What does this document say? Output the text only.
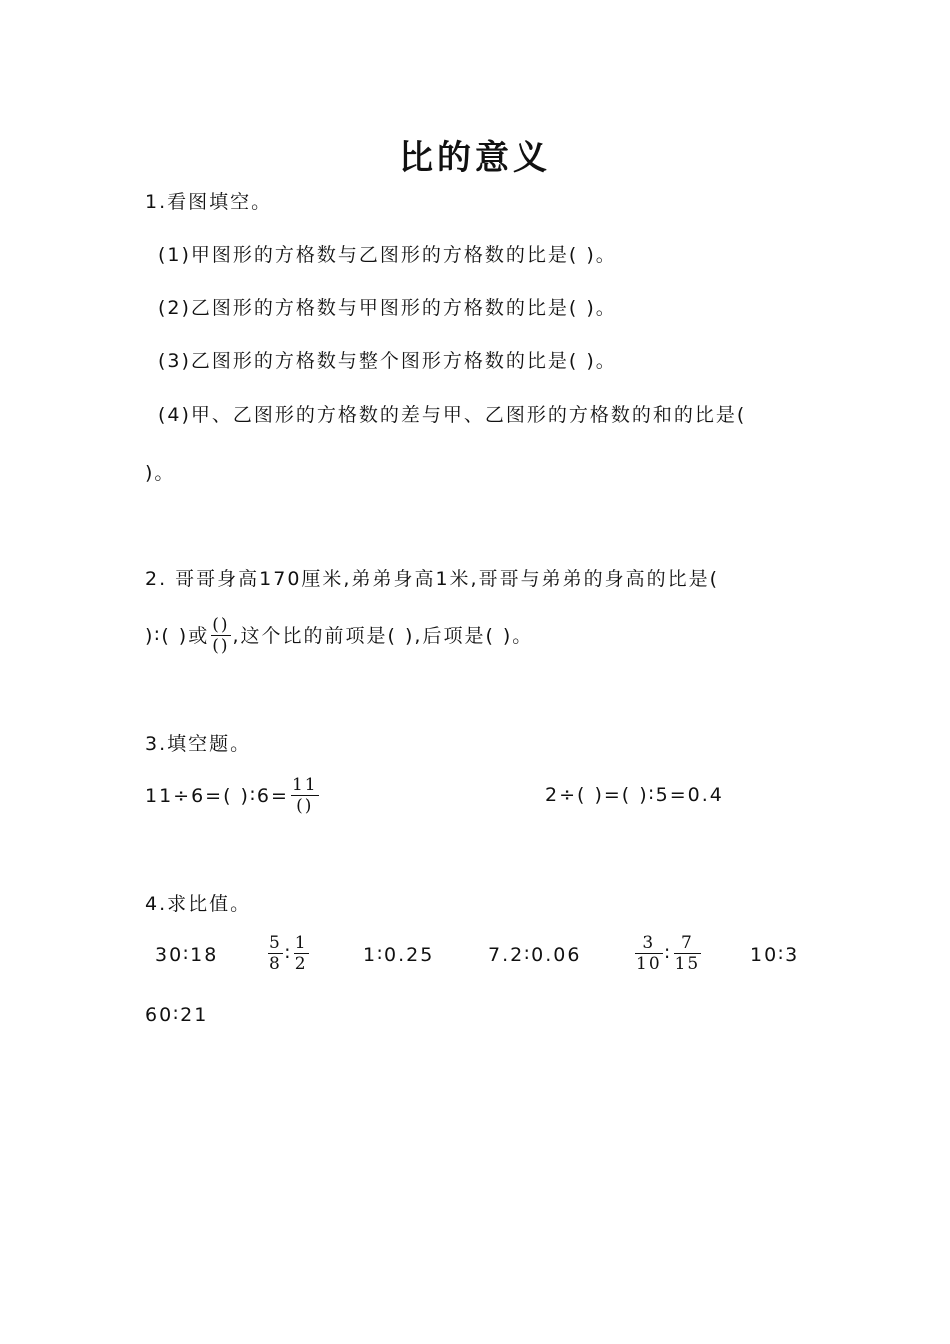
比的意义
1.看图填空。
(1)甲图形的方格数与乙图形的方格数的比是( )。
(2)乙图形的方格数与甲图形的方格数的比是( )。
(3)乙图形的方格数与整个图形方格数的比是( )。
(4)甲、乙图形的方格数的差与甲、乙图形的方格数的和的比是(
)。
2. 哥哥身高170厘米,弟弟身高1米,哥哥与弟弟的身高的比是(
)∶( )或 $\frac{()}{()}$ ,这个比的前项是( ),后项是( )。
3.填空题。
11÷6=( )∶6= $\frac{11}{()}$	2÷( )=( )∶5=0.4
4.求比值。
30∶18	$\frac{5}{8}$ ∶ $\frac{1}{2}$	1∶0.25	7.2∶0.06	$\frac{3}{10}$ ∶ $\frac{7}{15}$	10∶3
60∶21
